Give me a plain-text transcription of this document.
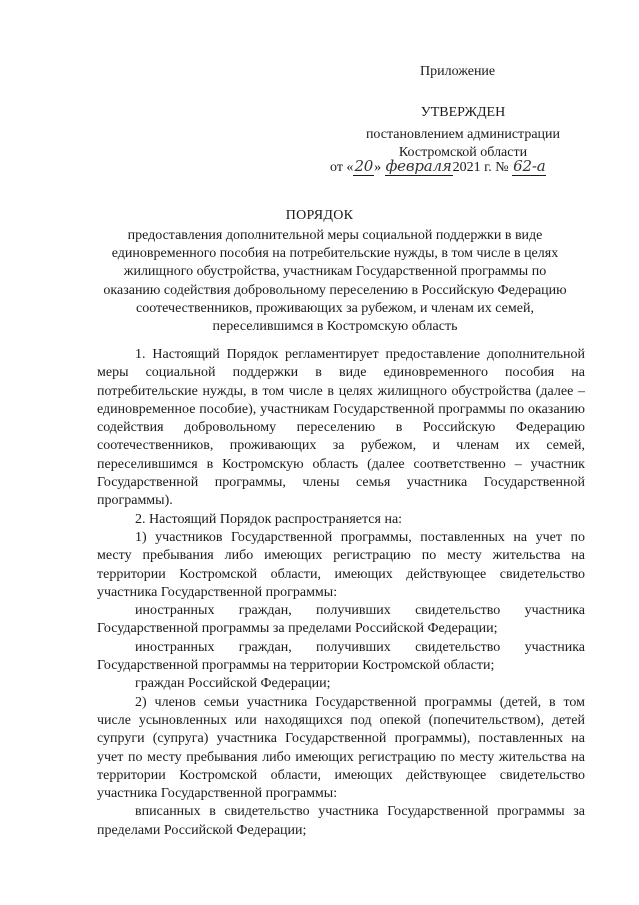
Приложение
УТВЕРЖДЕН
постановлением администрации
Костромской области
от «20» февраля2021 г. № 62-а
ПОРЯДОК
предоставления дополнительной меры социальной поддержки в виде единовременного пособия на потребительские нужды, в том числе в целях жилищного обустройства, участникам Государственной программы по оказанию содействия добровольному переселению в Российскую Федерацию соотечественников, проживающих за рубежом, и членам их семей, переселившимся в Костромскую область

1. Настоящий Порядок регламентирует предоставление дополнительной меры социальной поддержки в виде единовременного пособия на потребительские нужды, в том числе в целях жилищного обустройства (далее – единовременное пособие), участникам Государственной программы по оказанию содействия добровольному переселению в Российскую Федерацию соотечественников, проживающих за рубежом, и членам их семей, переселившимся в Костромскую область (далее соответственно – участник Государственной программы, члены семья участника Государственной программы).

2. Настоящий Порядок распространяется на:

1) участников Государственной программы, поставленных на учет по месту пребывания либо имеющих регистрацию по месту жительства на территории Костромской области, имеющих действующее свидетельство участника Государственной программы:

иностранных граждан, получивших свидетельство участника Государственной программы за пределами Российской Федерации;

иностранных граждан, получивших свидетельство участника Государственной программы на территории Костромской области;

граждан Российской Федерации;

2) членов семьи участника Государственной программы (детей, в том числе усыновленных или находящихся под опекой (попечительством), детей супруги (супруга) участника Государственной программы), поставленных на учет по месту пребывания либо имеющих регистрацию по месту жительства на территории Костромской области, имеющих действующее свидетельство участника Государственной программы:

вписанных в свидетельство участника Государственной программы за пределами Российской Федерации;
